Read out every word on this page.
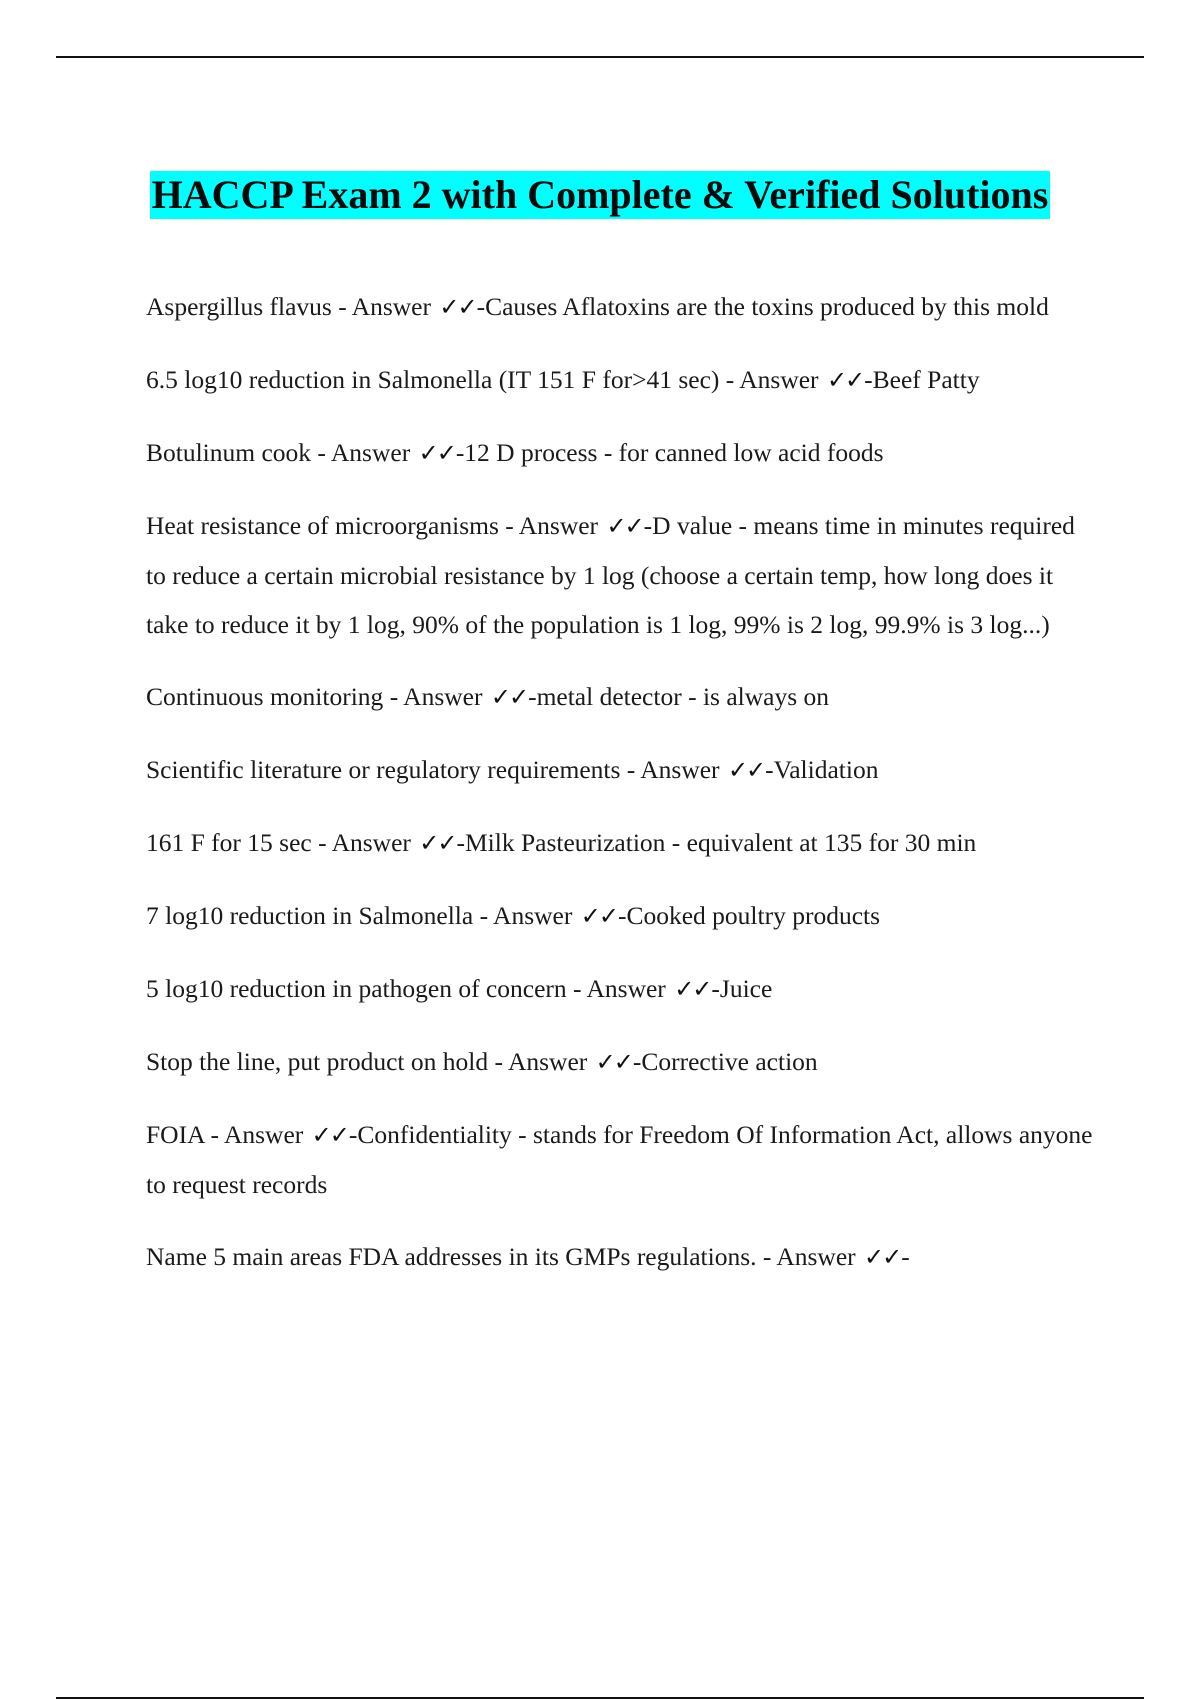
HACCP Exam 2 with Complete & Verified Solutions
Aspergillus flavus - Answer ✓✓-Causes Aflatoxins are the toxins produced by this mold
6.5 log10 reduction in Salmonella (IT 151 F for>41 sec) - Answer ✓✓-Beef Patty
Botulinum cook - Answer ✓✓-12 D process - for canned low acid foods
Heat resistance of microorganisms - Answer ✓✓-D value - means time in minutes required to reduce a certain microbial resistance by 1 log (choose a certain temp, how long does it take to reduce it by 1 log, 90% of the population is 1 log, 99% is 2 log, 99.9% is 3 log...)
Continuous monitoring - Answer ✓✓-metal detector - is always on
Scientific literature or regulatory requirements - Answer ✓✓-Validation
161 F for 15 sec - Answer ✓✓-Milk Pasteurization - equivalent at 135 for 30 min
7 log10 reduction in Salmonella - Answer ✓✓-Cooked poultry products
5 log10 reduction in pathogen of concern - Answer ✓✓-Juice
Stop the line, put product on hold - Answer ✓✓-Corrective action
FOIA - Answer ✓✓-Confidentiality - stands for Freedom Of Information Act, allows anyone to request records
Name 5 main areas FDA addresses in its GMPs regulations. - Answer ✓✓-
